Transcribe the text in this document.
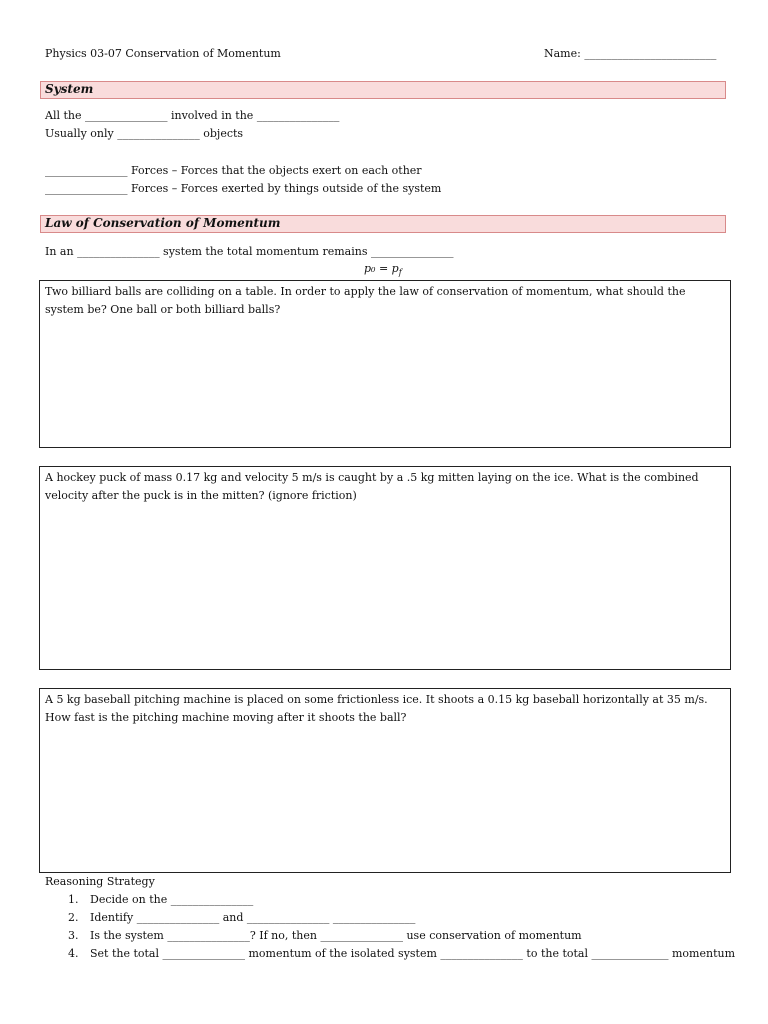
Physics 03-07 Conservation of Momentum	Name: ________________________
System
All the _______________ involved in the _______________
Usually only _______________ objects
_______________ Forces – Forces that the objects exert on each other
_______________ Forces – Forces exerted by things outside of the system
Law of Conservation of Momentum
In an _______________ system the total momentum remains _______________
$p_0 = p_f$
Two billiard balls are colliding on a table. In order to apply the law of conservation of momentum, what should the system be? One ball or both billiard balls?
A hockey puck of mass 0.17 kg and velocity 5 m/s is caught by a .5 kg mitten laying on the ice. What is the combined velocity after the puck is in the mitten? (ignore friction)
A 5 kg baseball pitching machine is placed on some frictionless ice. It shoots a 0.15 kg baseball horizontally at 35 m/s. How fast is the pitching machine moving after it shoots the ball?
Reasoning Strategy
1. Decide on the _______________
2. Identify _______________ and _______________ _______________
3. Is the system _______________? If no, then _______________ use conservation of momentum
4. Set the total _______________ momentum of the isolated system _______________ to the total ______________ momentum
